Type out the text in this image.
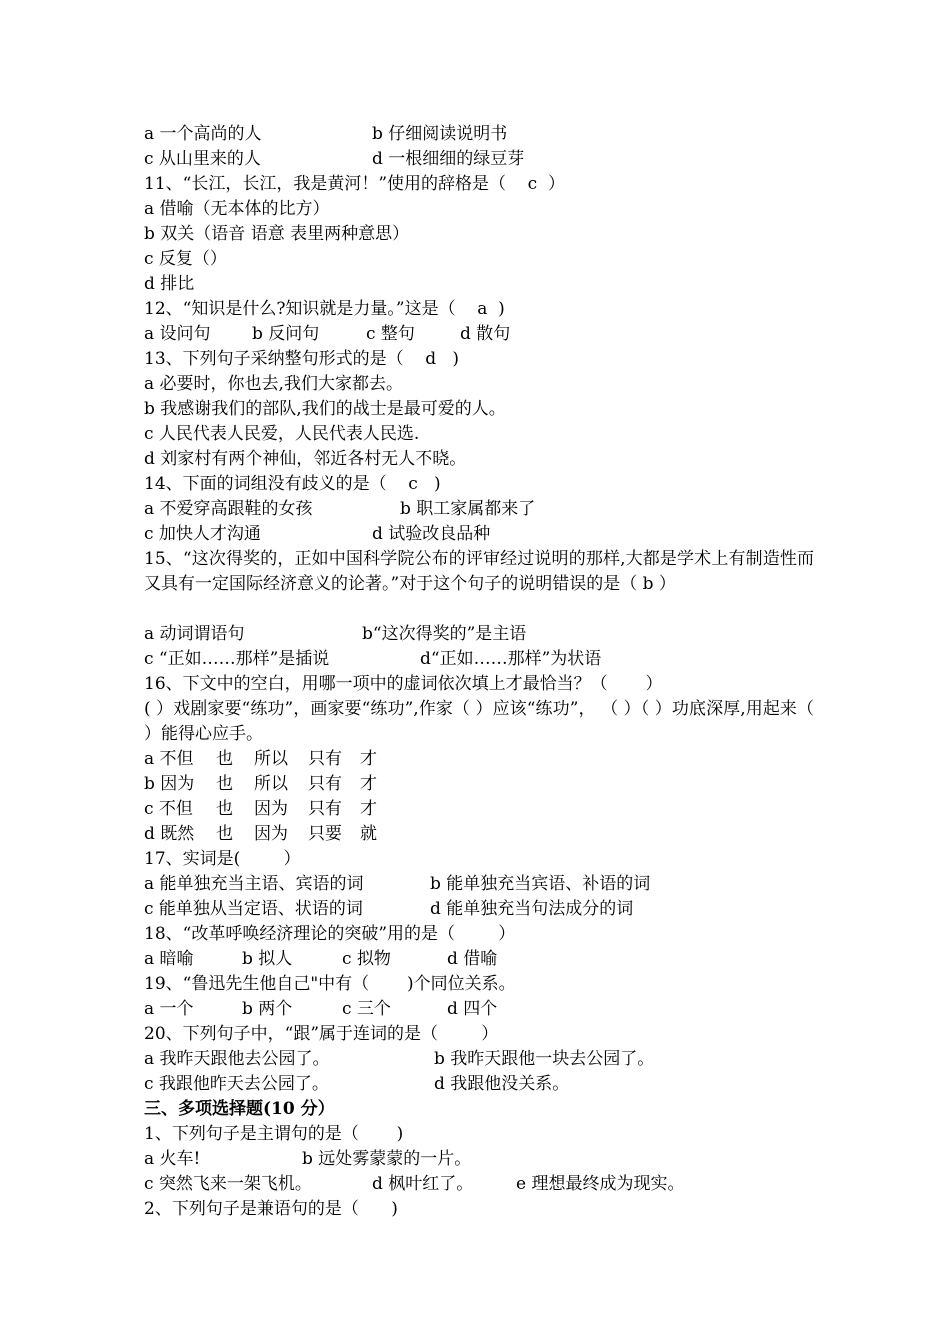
a 一个高尚的人	b 仔细阅读说明书
c 从山里来的人	d 一根细细的绿豆芽
11、“长江，长江，我是黄河！”使用的辞格是（    c  ）
a 借喻（无本体的比方）
b 双关（语音 语意 表里两种意思）
c 反复（）
d 排比
12、“知识是什么?知识就是力量。”这是（    a  )
a 设问句 b 反问句	c 整句	d 散句
13、下列句子采纳整句形式的是（    d   )
a 必要时，你也去,我们大家都去。
b 我感谢我们的部队,我们的战士是最可爱的人。
c 人民代表人民爱，人民代表人民选.
d 刘家村有两个神仙，邻近各村无人不晓。
14、下面的词组没有歧义的是（    c   )
a 不爱穿高跟鞋的女孩	b 职工家属都来了
c 加快人才沟通	d 试验改良品种
15、“这次得奖的，正如中国科学院公布的评审经过说明的那样,大都是学术上有制造性而又具有一定国际经济意义的论著。”对于这个句子的说明错误的是（ b ）
a 动词谓语句	b“这次得奖的”是主语
c “正如……那样”是插说	d“正如……那样”为状语
16、下文中的空白，用哪一项中的虚词依次填上才最恰当？（       ）
( ）戏剧家要“练功”，画家要“练功”,作家（ ）应该“练功”， （ ）（ ）功底深厚,用起来（ ）能得心应手。
a 不但 也 所以 只有 才
b 因为 也 所以 只有 才
c 不但 也 因为 只有 才
d 既然 也 因为 只要 就
17、实词是(        ）
a 能单独充当主语、宾语的词	b 能单独充当宾语、补语的词
c 能单独从当定语、状语的词	d 能单独充当句法成分的词
18、“改革呼唤经济理论的突破”用的是（        ）
a 暗喻	b 拟人	c 拟物	d 借喻
19、“鲁迅先生他自己"中有（       )个同位关系。
a 一个	b 两个	c 三个	d 四个
20、下列句子中，“跟”属于连词的是（        ）
a 我昨天跟他去公园了。	b 我昨天跟他一块去公园了。
c 我跟他昨天去公园了。	d 我跟他没关系。
三、多项选择题(10 分）
1、下列句子是主谓句的是（       )
a 火车!	b 远处雾蒙蒙的一片。
c 突然飞来一架飞机。	d 枫叶红了。	e 理想最终成为现实。
2、下列句子是兼语句的是（      )
